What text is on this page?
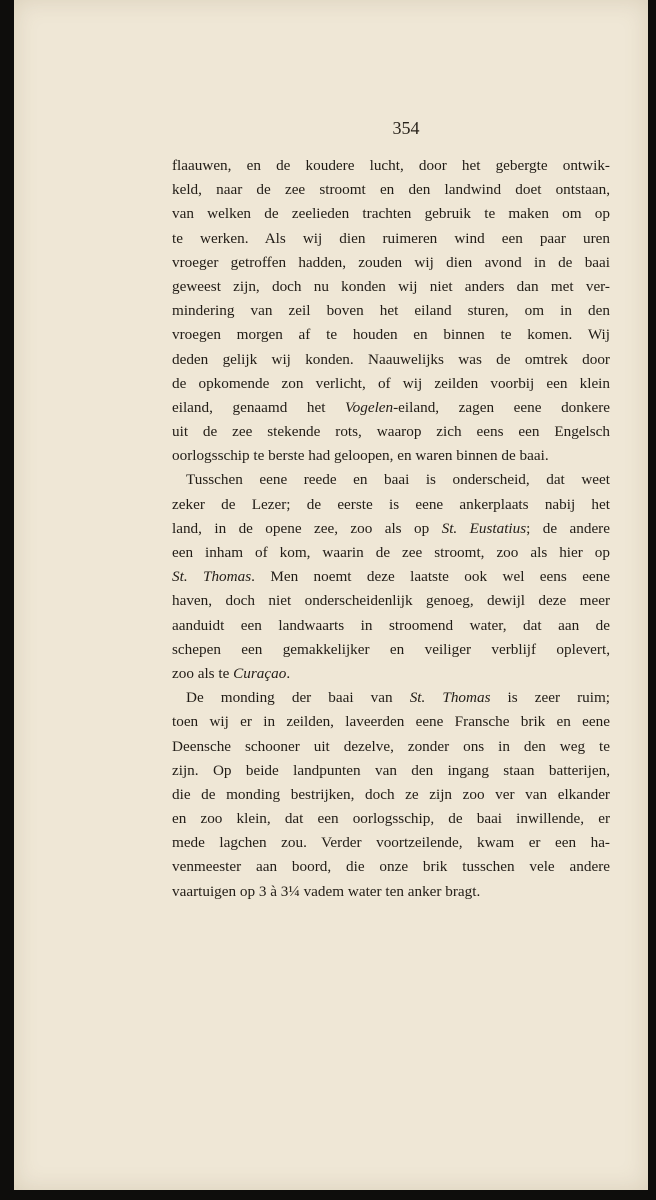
354
flaauwen, en de koudere lucht, door het gebergte ontwik-
keld, naar de zee stroomt en den landwind doet ontstaan,
van welken de zeelieden trachten gebruik te maken om op
te werken. Als wij dien ruimeren wind een paar uren
vroeger getroffen hadden, zouden wij dien avond in de baai
geweest zijn, doch nu konden wij niet anders dan met ver-
mindering van zeil boven het eiland sturen, om in den
vroegen morgen af te houden en binnen te komen. Wij
deden gelijk wij konden. Naauwelijks was de omtrek door
de opkomende zon verlicht, of wij zeilden voorbij een klein
eiland, genaamd het Vogelen-eiland, zagen eene donkere
uit de zee stekende rots, waarop zich eens een Engelsch
oorlogsschip te berste had geloopen, en waren binnen de baai.
Tusschen eene reede en baai is onderscheid, dat weet
zeker de Lezer; de eerste is eene ankerplaats nabij het
land, in de opene zee, zoo als op St. Eustatius; de andere
een inham of kom, waarin de zee stroomt, zoo als hier op
St. Thomas. Men noemt deze laatste ook wel eens eene
haven, doch niet onderscheidenlijk genoeg, dewijl deze meer
aanduidt een landwaarts in stroomend water, dat aan de
schepen een gemakkelijker en veiliger verblijf oplevert,
zoo als te Curaçao.
De monding der baai van St. Thomas is zeer ruim;
toen wij er in zeilden, laveerden eene Fransche brik en eene
Deensche schooner uit dezelve, zonder ons in den weg te
zijn. Op beide landpunten van den ingang staan batterijen,
die de monding bestrijken, doch ze zijn zoo ver van elkander
en zoo klein, dat een oorlogsschip, de baai inwillende, er
mede lagchen zou. Verder voortzeilende, kwam er een ha-
venmeester aan boord, die onze brik tusschen vele andere
vaartuigen op 3 à 3¼ vadem water ten anker bragt.
